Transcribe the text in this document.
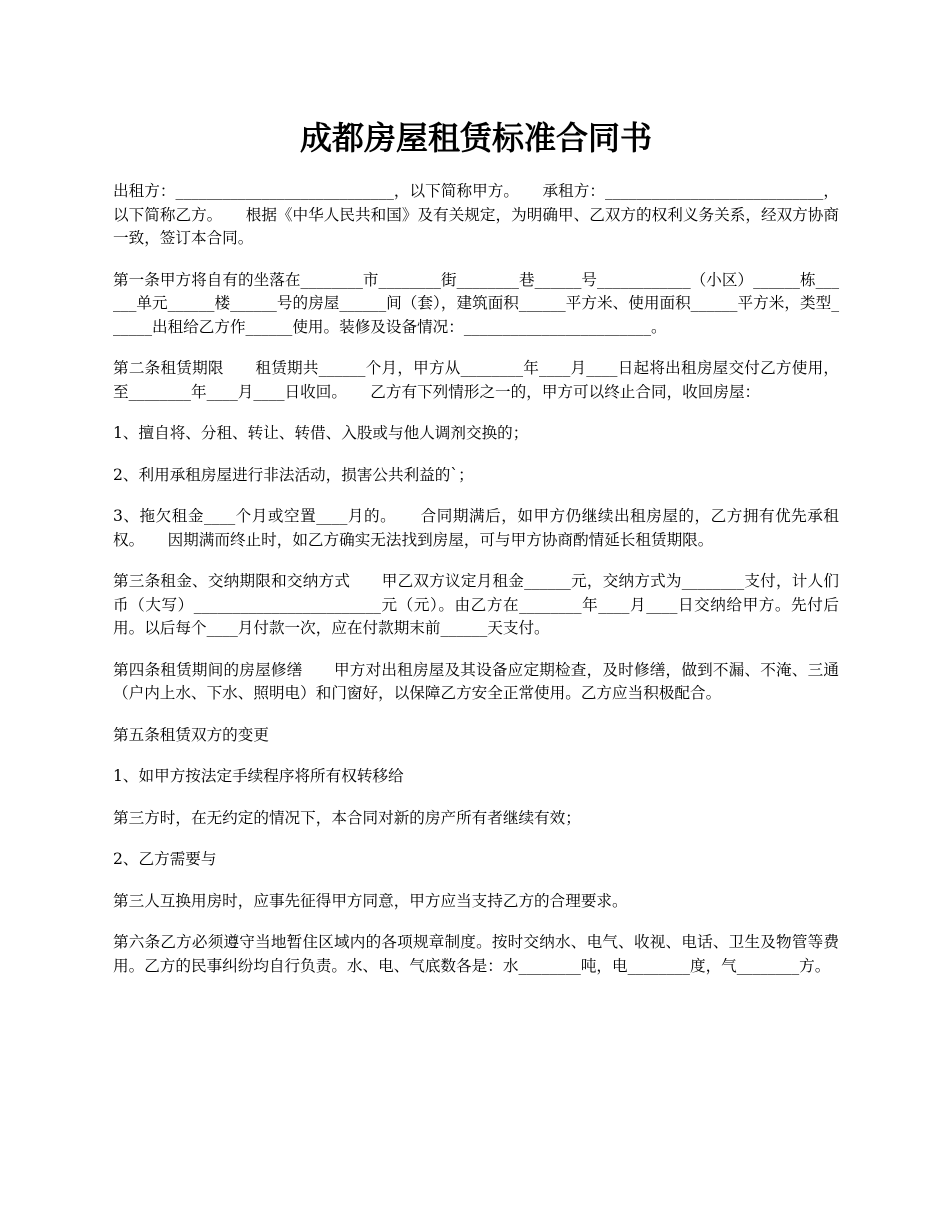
成都房屋租赁标准合同书

出租方：____________________________，以下简称甲方。　　承租方：____________________________，以下简称乙方。　　根据《中华人民共和国》及有关规定，为明确甲、乙双方的权利义务关系，经双方协商一致，签订本合同。

第一条甲方将自有的坐落在________市________街________巷______号____________（小区）______栋______单元______楼______号的房屋______间（套），建筑面积______平方米、使用面积______平方米，类型______出租给乙方作______使用。装修及设备情况：________________________。

第二条租赁期限　　租赁期共______个月，甲方从________年____月____日起将出租房屋交付乙方使用，至________年____月____日收回。　　乙方有下列情形之一的，甲方可以终止合同，收回房屋：

1、擅自将、分租、转让、转借、入股或与他人调剂交换的；

2、利用承租房屋进行非法活动，损害公共利益的`；

3、拖欠租金____个月或空置____月的。　　合同期满后，如甲方仍继续出租房屋的，乙方拥有优先承租权。　　因期满而终止时，如乙方确实无法找到房屋，可与甲方协商酌情延长租赁期限。

第三条租金、交纳期限和交纳方式　　甲乙双方议定月租金______元，交纳方式为________支付，计人们币（大写）________________________元（元）。由乙方在________年____月____日交纳给甲方。先付后用。以后每个____月付款一次，应在付款期末前______天支付。

第四条租赁期间的房屋修缮　　甲方对出租房屋及其设备应定期检查，及时修缮，做到不漏、不淹、三通（户内上水、下水、照明电）和门窗好，以保障乙方安全正常使用。乙方应当积极配合。

第五条租赁双方的变更

1、如甲方按法定手续程序将所有权转移给

第三方时，在无约定的情况下，本合同对新的房产所有者继续有效；

2、乙方需要与

第三人互换用房时，应事先征得甲方同意，甲方应当支持乙方的合理要求。

第六条乙方必须遵守当地暂住区域内的各项规章制度。按时交纳水、电气、收视、电话、卫生及物管等费用。乙方的民事纠纷均自行负责。水、电、气底数各是：水________吨，电________度，气________方。
